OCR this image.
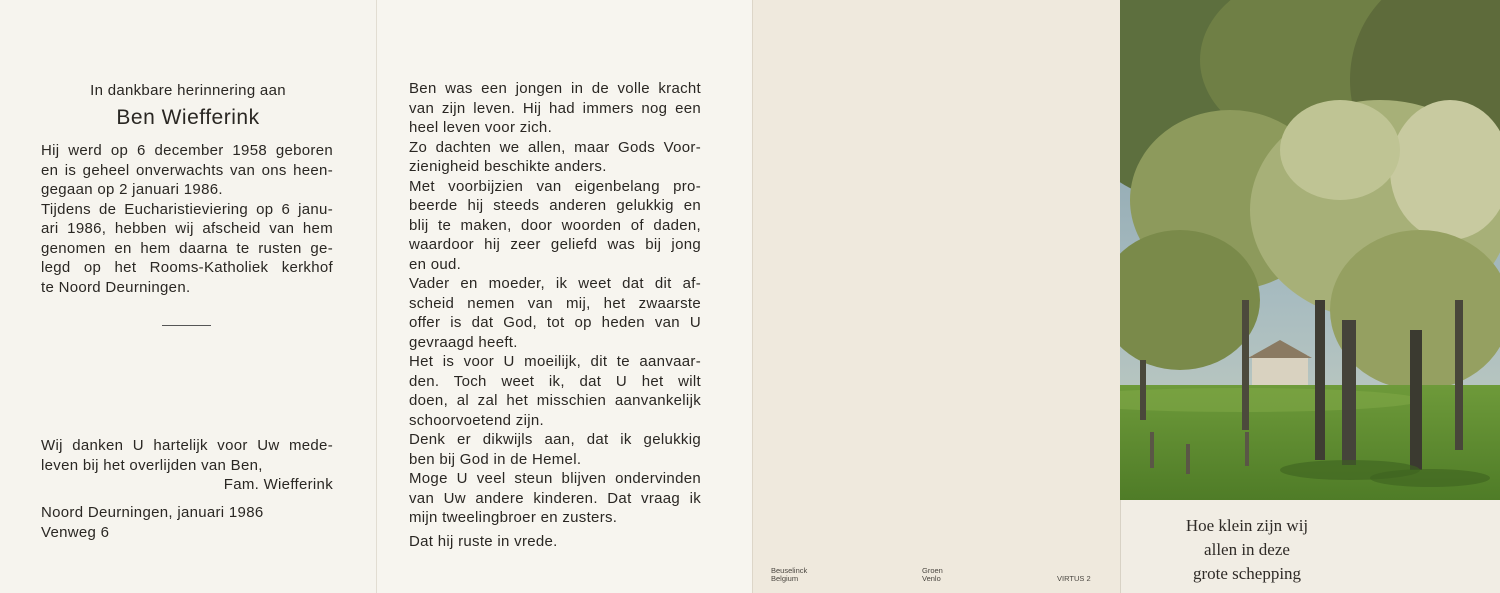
In dankbare herinnering aan
Ben Wiefferink
Hij werd op 6 december 1958 geboren
en is geheel onverwachts van ons heen-
gegaan op 2 januari 1986.
Tijdens de Eucharistieviering op 6 janu-
ari 1986, hebben wij afscheid van hem
genomen en hem daarna te rusten ge-
legd op het Rooms-Katholiek kerkhof
te Noord Deurningen.
Wij danken U hartelijk voor Uw mede-
leven bij het overlijden van Ben,
Fam. Wiefferink
Noord Deurningen, januari 1986
Venweg 6
Ben was een jongen in de volle kracht
van zijn leven. Hij had immers nog een
heel leven voor zich.
Zo dachten we allen, maar Gods Voor-
zienigheid beschikte anders.
Met voorbijzien van eigenbelang pro-
beerde hij steeds anderen gelukkig en
blij te maken, door woorden of daden,
waardoor hij zeer geliefd was bij jong
en oud.
Vader en moeder, ik weet dat dit af-
scheid nemen van mij, het zwaarste
offer is dat God, tot op heden van U
gevraagd heeft.
Het is voor U moeilijk, dit te aanvaar-
den. Toch weet ik, dat U het wilt
doen, al zal het misschien aanvankelijk
schoorvoetend zijn.
Denk er dikwijls aan, dat ik gelukkig
ben bij God in de Hemel.
Moge U veel steun blijven ondervinden
van Uw andere kinderen. Dat vraag ik
mijn tweelingbroer en zusters.
Dat hij ruste in vrede.
Beuselinck
Belgium
Groen
Venlo	VIRTUS 2
Hoe klein zijn wij
allen in deze
grote schepping
